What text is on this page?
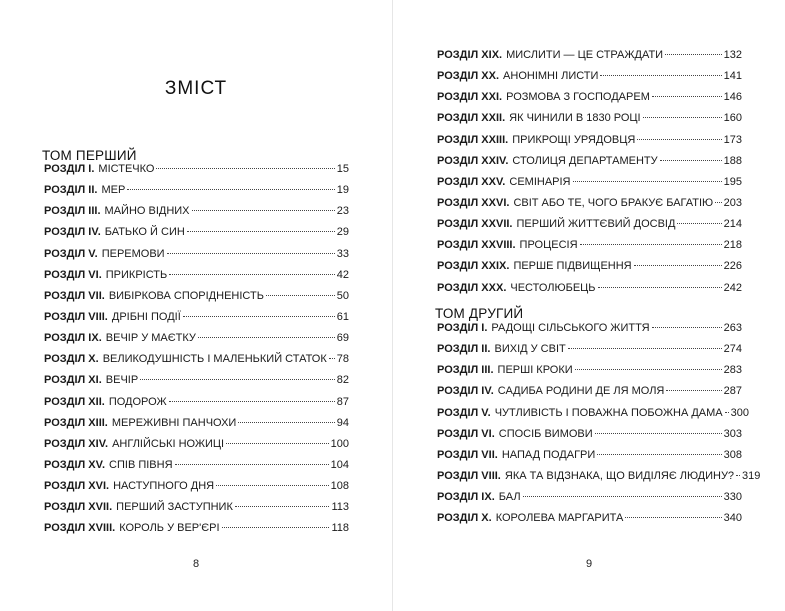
ЗМІСТ
ТОМ ПЕРШИЙ
РОЗДІЛ I. МІСТЕЧКО	15
РОЗДІЛ II. МЕР	19
РОЗДІЛ III. МАЙНО ВІДНИХ	23
РОЗДІЛ IV. БАТЬКО Й СИН	29
РОЗДІЛ V. ПЕРЕМОВИ	33
РОЗДІЛ VI. ПРИКРІСТЬ	42
РОЗДІЛ VII. ВИБІРКОВА СПОРІДНЕНІСТЬ	50
РОЗДІЛ VIII. ДРІБНІ ПОДІЇ	61
РОЗДІЛ IX. ВЕЧІР У МАЄТКУ	69
РОЗДІЛ X. ВЕЛИКОДУШНІСТЬ І МАЛЕНЬКИЙ СТАТОК 78
РОЗДІЛ XI. ВЕЧІР	82
РОЗДІЛ XII. ПОДОРОЖ	87
РОЗДІЛ XIII. МЕРЕЖИВНІ ПАНЧОХИ	94
РОЗДІЛ XIV. АНГЛІЙСЬКІ НОЖИЦІ	100
РОЗДІЛ XV. СПІВ ПІВНЯ	104
РОЗДІЛ XVI. НАСТУПНОГО ДНЯ	108
РОЗДІЛ XVII. ПЕРШИЙ ЗАСТУПНИК	113
РОЗДІЛ XVIII. КОРОЛЬ У ВЕР'ЄРІ	118
8
РОЗДІЛ XIX. МИСЛИТИ — ЦЕ СТРАЖДАТИ	132
РОЗДІЛ XX. АНОНІМНІ ЛИСТИ	141
РОЗДІЛ XXI. РОЗМОВА З ГОСПОДАРЕМ	146
РОЗДІЛ XXII. ЯК ЧИНИЛИ В 1830 РОЦІ	160
РОЗДІЛ XXIII. ПРИКРОЩІ УРЯДОВЦЯ	173
РОЗДІЛ XXIV. СТОЛИЦЯ ДЕПАРТАМЕНТУ	188
РОЗДІЛ XXV. СЕМІНАРІЯ	195
РОЗДІЛ XXVI. СВІТ АБО ТЕ, ЧОГО БРАКУЄ БАГАТІЮ 203
РОЗДІЛ XXVII. ПЕРШИЙ ЖИТТЄВИЙ ДОСВІД	214
РОЗДІЛ XXVIII. ПРОЦЕСІЯ	218
РОЗДІЛ XXIX. ПЕРШЕ ПІДВИЩЕННЯ	226
РОЗДІЛ XXX. ЧЕСТОЛЮБЕЦЬ	242
ТОМ ДРУГИЙ
РОЗДІЛ I. РАДОЩІ СІЛЬСЬКОГО ЖИТТЯ	263
РОЗДІЛ II. ВИХІД У СВІТ	274
РОЗДІЛ III. ПЕРШІ КРОКИ	283
РОЗДІЛ IV. САДИБА РОДИНИ ДЕ ЛЯ МОЛЯ	287
РОЗДІЛ V. ЧУТЛИВІСТЬ І ПОВАЖНА ПОБОЖНА ДАМА 300
РОЗДІЛ VI. СПОСІБ ВИМОВИ	303
РОЗДІЛ VII. НАПАД ПОДАГРИ	308
РОЗДІЛ VIII. ЯКА ТА ВІДЗНАКА, ЩО ВИДІЛЯЄ ЛЮДИНУ? 319
РОЗДІЛ IX. БАЛ	330
РОЗДІЛ X. КОРОЛЕВА МАРГАРИТА	340
9
